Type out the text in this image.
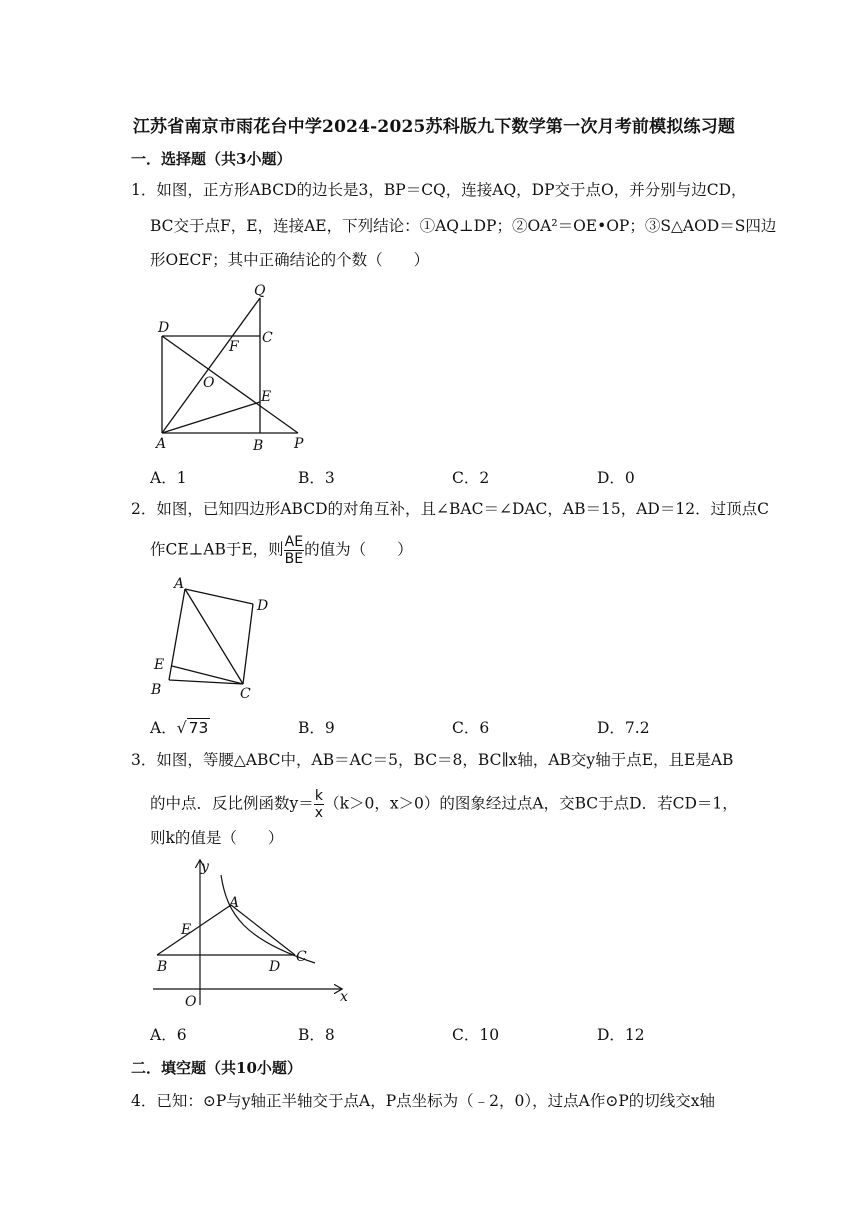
江苏省南京市雨花台中学2024-2025苏科版九下数学第一次月考前模拟练习题
一．选择题（共3小题）
1．如图，正方形ABCD的边长是3，BP＝CQ，连接AQ，DP交于点O，并分别与边CD，
BC交于点F，E，连接AE，下列结论：①AQ⊥DP；②OA²＝OE•OP；③S△AOD＝S四边
形OECF；其中正确结论的个数（　　）
Q
D
C
F
O
E
A	B P
A．1	B．3	C．2	D．0
2．如图，已知四边形ABCD的对角互补，且∠BAC＝∠DAC，AB＝15，AD＝12．过顶点C
作CE⊥AB于E，则 $\frac{AE}{BE}$ 的值为（　　）
A
D
E
B	C
A．√ 73	B．9	C．6	D．7.2
3．如图，等腰△ABC中，AB＝AC＝5，BC＝8，BC∥x轴，AB交y轴于点E，且E是AB
的中点．反比例函数$y= \frac{k}{x} (k>0$，x＞0）的图象经过点A，交BC于点D．若CD＝1，
则k的值是（　　）
y
A
E
B	D
C
O	x
A．6	B．8	C．10	D．12
二．填空题（共10小题）
4．已知：⊙P与y轴正半轴交于点A，P点坐标为（﹣2，0），过点A作⊙P的切线交x轴
